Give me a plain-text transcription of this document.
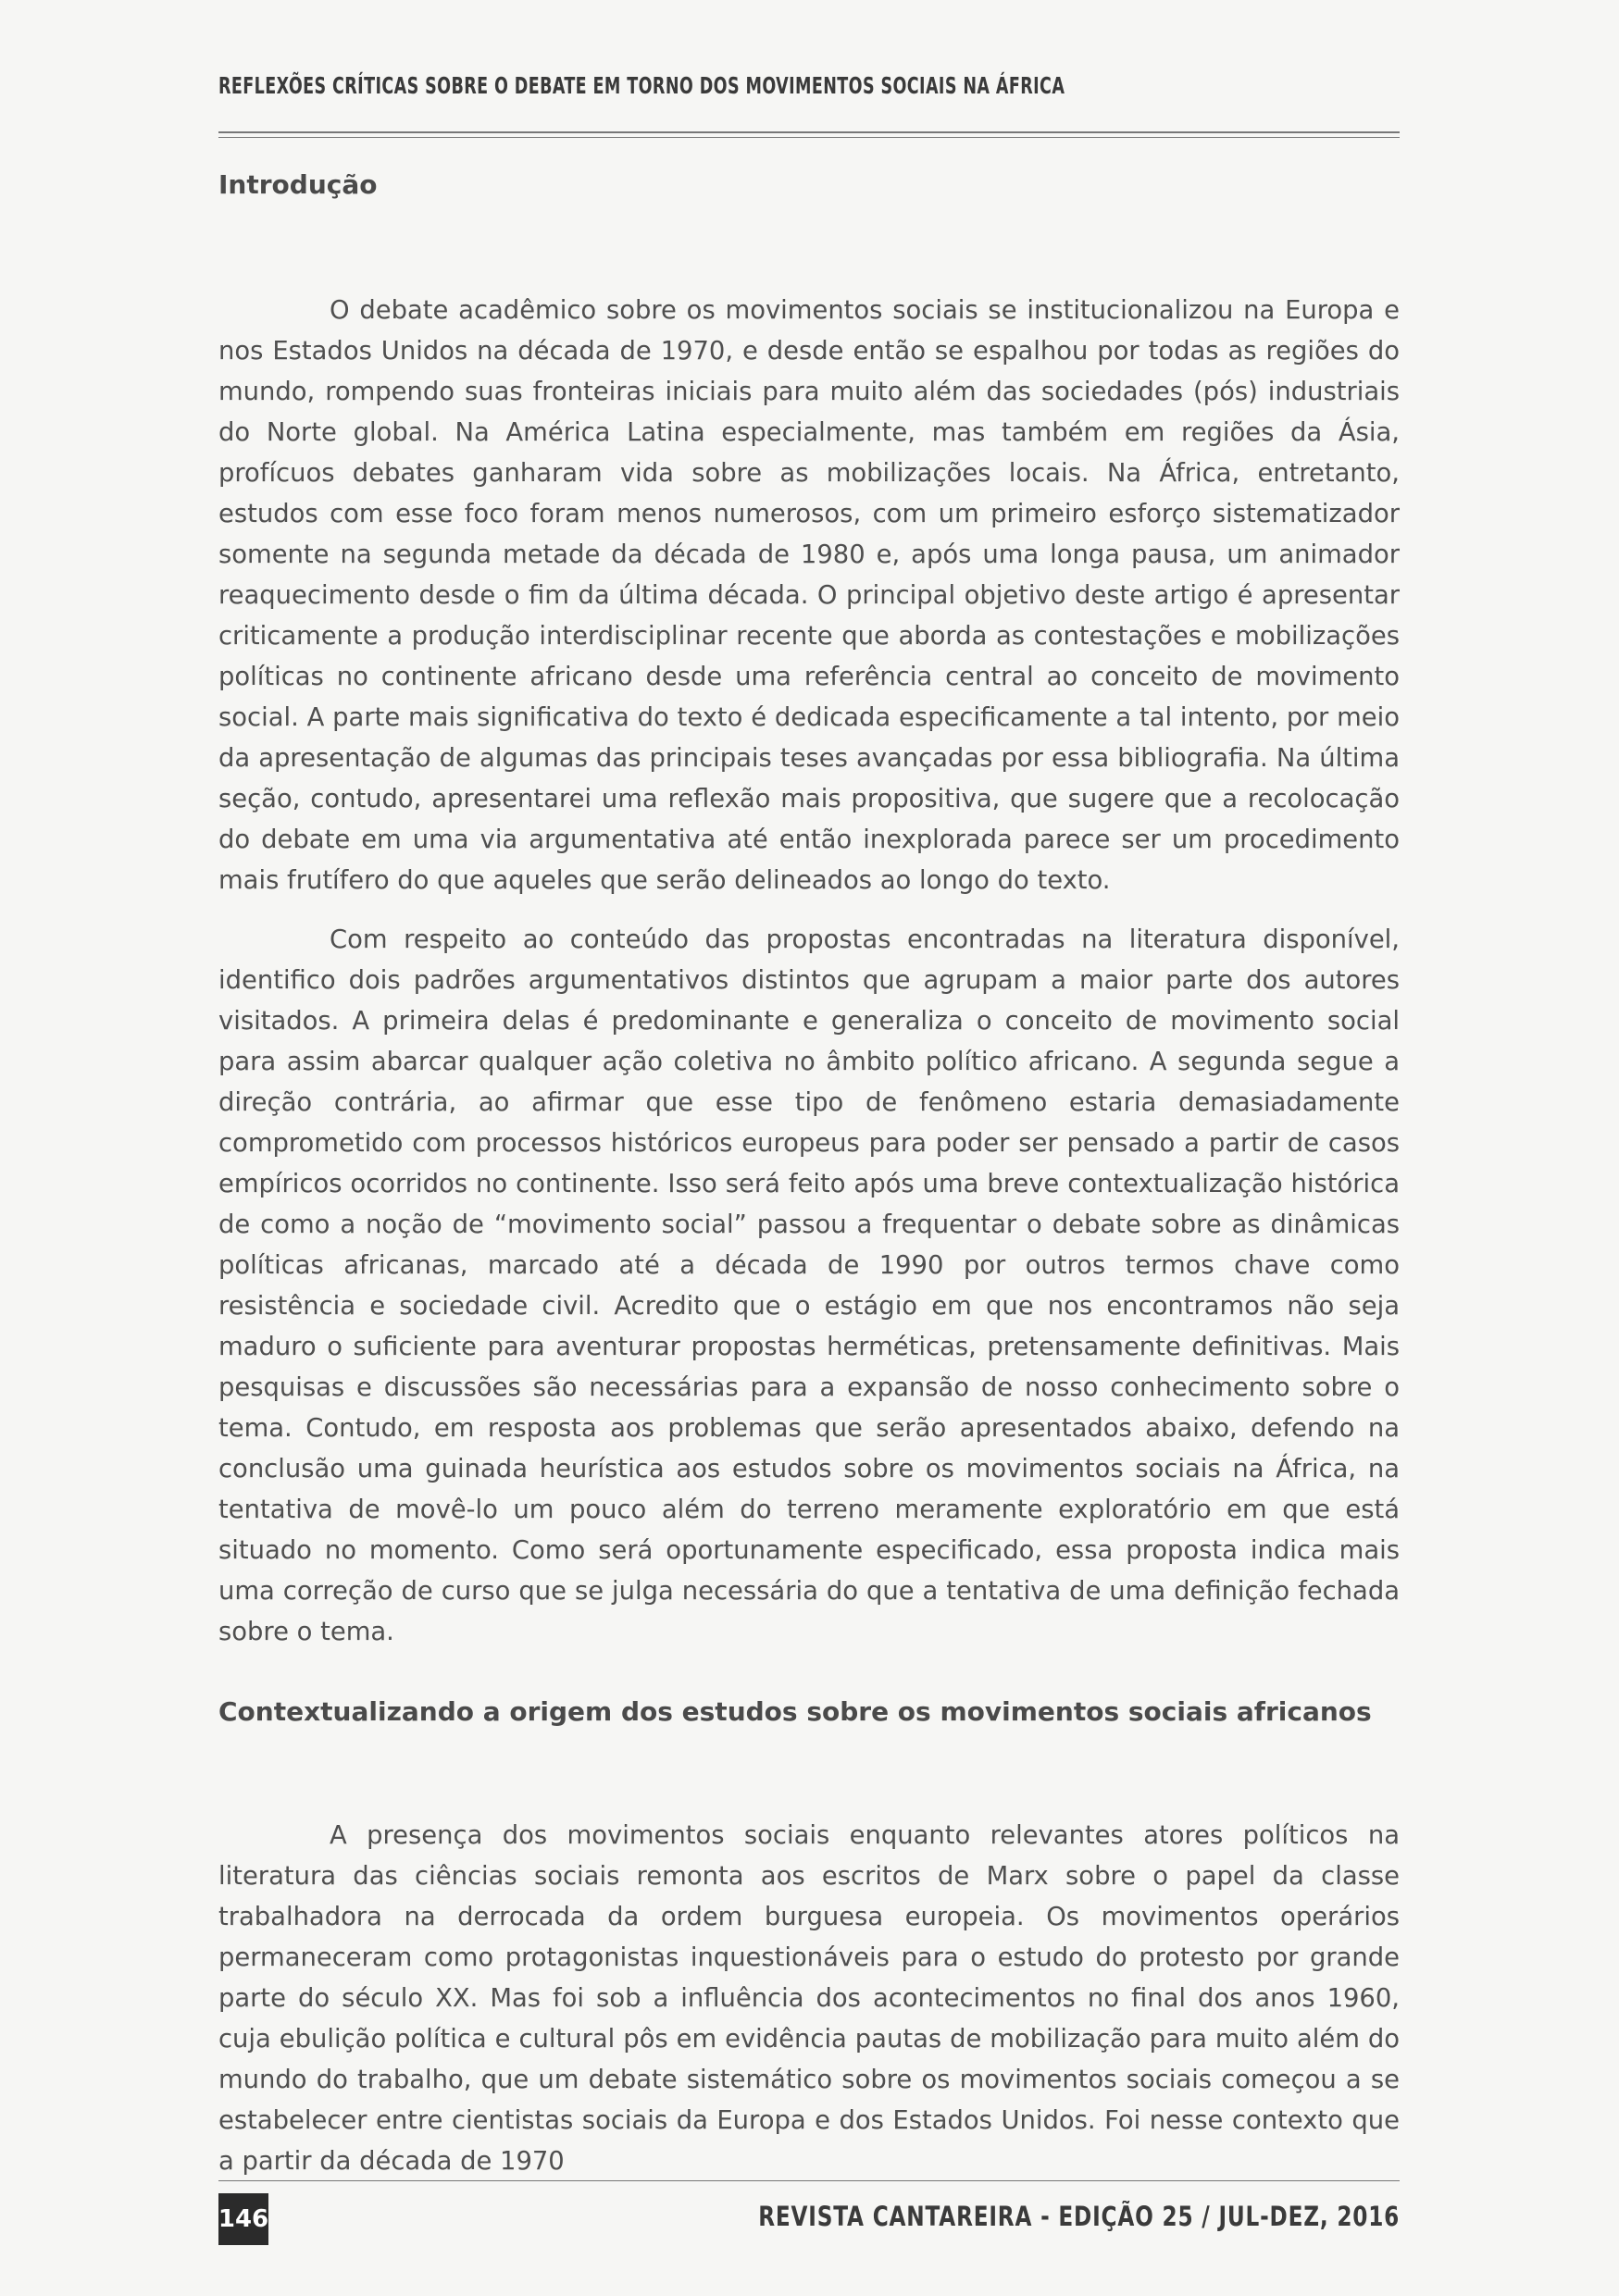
REFLEXÕES CRÍTICAS SOBRE O DEBATE EM TORNO DOS MOVIMENTOS SOCIAIS NA ÁFRICA
Introdução

O debate acadêmico sobre os movimentos sociais se institucionalizou na Europa e nos Estados Unidos na década de 1970, e desde então se espalhou por todas as regiões do mundo, rompendo suas fronteiras iniciais para muito além das sociedades (pós) industriais do Norte global. Na América Latina especialmente, mas também em regiões da Ásia, profícuos debates ganharam vida sobre as mobilizações locais. Na África, entretanto, estudos com esse foco foram menos numerosos, com um primeiro esforço sistematizador somente na segunda metade da década de 1980 e, após uma longa pausa, um animador reaquecimento desde o fim da última década. O principal objetivo deste artigo é apresentar criticamente a produção interdisciplinar recente que aborda as contestações e mobilizações políticas no continente africano desde uma referência central ao conceito de movimento social. A parte mais significativa do texto é dedicada especificamente a tal intento, por meio da apresentação de algumas das principais teses avançadas por essa bibliografia. Na última seção, contudo, apresentarei uma reflexão mais propositiva, que sugere que a recolocação do debate em uma via argumentativa até então inexplorada parece ser um procedimento mais frutífero do que aqueles que serão delineados ao longo do texto.

Com respeito ao conteúdo das propostas encontradas na literatura disponível, identifico dois padrões argumentativos distintos que agrupam a maior parte dos autores visitados. A primeira delas é predominante e generaliza o conceito de movimento social para assim abarcar qualquer ação coletiva no âmbito político africano. A segunda segue a direção contrária, ao afirmar que esse tipo de fenômeno estaria demasiadamente comprometido com processos históricos europeus para poder ser pensado a partir de casos empíricos ocorridos no continente. Isso será feito após uma breve contextualização histórica de como a noção de “movimento social” passou a frequentar o debate sobre as dinâmicas políticas africanas, marcado até a década de 1990 por outros termos chave como resistência e sociedade civil. Acredito que o estágio em que nos encontramos não seja maduro o suficiente para aventurar propostas herméticas, pretensamente definitivas. Mais pesquisas e discussões são necessárias para a expansão de nosso conhecimento sobre o tema. Contudo, em resposta aos problemas que serão apresentados abaixo, defendo na conclusão uma guinada heurística aos estudos sobre os movimentos sociais na África, na tentativa de movê-lo um pouco além do terreno meramente exploratório em que está situado no momento. Como será oportunamente especificado, essa proposta indica mais uma correção de curso que se julga necessária do que a tentativa de uma definição fechada sobre o tema.

Contextualizando a origem dos estudos sobre os movimentos sociais africanos

A presença dos movimentos sociais enquanto relevantes atores políticos na literatura das ciências sociais remonta aos escritos de Marx sobre o papel da classe trabalhadora na derrocada da ordem burguesa europeia. Os movimentos operários permaneceram como protagonistas inquestionáveis para o estudo do protesto por grande parte do século XX. Mas foi sob a influência dos acontecimentos no final dos anos 1960, cuja ebulição política e cultural pôs em evidência pautas de mobilização para muito além do mundo do trabalho, que um debate sistemático sobre os movimentos sociais começou a se estabelecer entre cientistas sociais da Europa e dos Estados Unidos. Foi nesse contexto que a partir da década de 1970

146	REVISTA CANTAREIRA - EDIÇÃO 25 / JUL-DEZ, 2016
